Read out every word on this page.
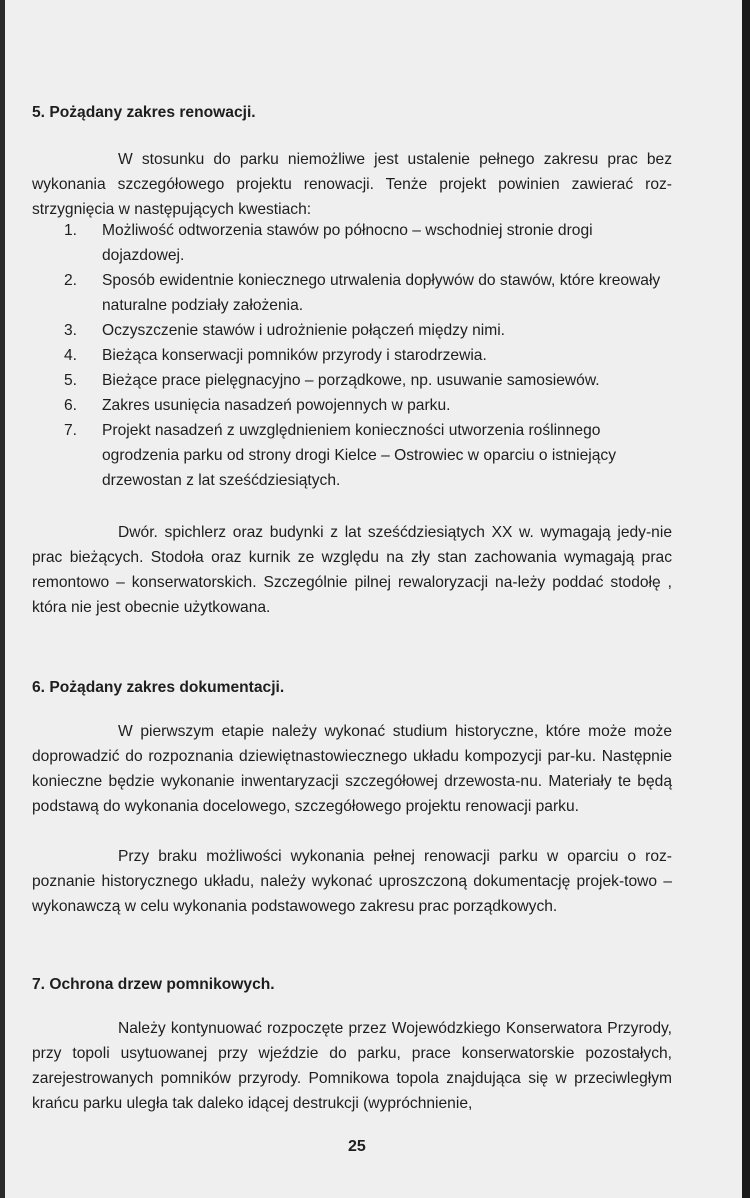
5. Pożądany zakres renowacji.

W stosunku do parku niemożliwe jest ustalenie pełnego zakresu prac bez wykonania szczegółowego projektu renowacji. Tenże projekt powinien zawierać roz-strzygnięcia w następujących kwestiach:

1.	Możliwość odtworzenia stawów po północno – wschodniej stronie drogi dojazdowej.
2.	Sposób ewidentnie koniecznego utrwalenia dopływów do stawów, które kreowały naturalne podziały założenia.
3.	Oczyszczenie stawów i udrożnienie połączeń między nimi.
4.	Bieżąca konserwacji pomników przyrody i starodrzewia.
5.	Bieżące prace pielęgnacyjno – porządkowe, np. usuwanie samosiewów.
6.	Zakres usunięcia nasadzeń powojennych w parku.
7.	Projekt nasadzeń z uwzględnieniem konieczności utworzenia roślinnego ogrodzenia parku od strony drogi Kielce – Ostrowiec w oparciu o istniejący drzewostan z lat sześćdziesiątych.

Dwór. spichlerz oraz budynki z lat sześćdziesiątych XX w. wymagają jedy-nie prac bieżących. Stodoła oraz kurnik ze względu na zły stan zachowania wymagają prac remontowo – konserwatorskich. Szczególnie pilnej rewaloryzacji na-leży poddać stodołę , która nie jest obecnie użytkowana.

6. Pożądany zakres dokumentacji.

W pierwszym etapie należy wykonać studium historyczne, które może może doprowadzić do rozpoznania dziewiętnastowiecznego układu kompozycji par-ku. Następnie konieczne będzie wykonanie inwentaryzacji szczegółowej drzewosta-nu. Materiały te będą podstawą do wykonania docelowego, szczegółowego projektu renowacji parku.

Przy braku możliwości wykonania pełnej renowacji parku w oparciu o roz-poznanie historycznego układu, należy wykonać uproszczoną dokumentację projek-towo – wykonawczą w celu wykonania podstawowego zakresu prac porządkowych.

7. Ochrona drzew pomnikowych.

Należy kontynuować rozpoczęte przez Wojewódzkiego Konserwatora Przyrody, przy topoli usytuowanej przy wjeździe do parku, prace konserwatorskie pozostałych, zarejestrowanych pomników przyrody. Pomnikowa topola znajdująca się w przeciwległym krańcu parku uległa tak daleko idącej destrukcji (wypróchnienie,

25
